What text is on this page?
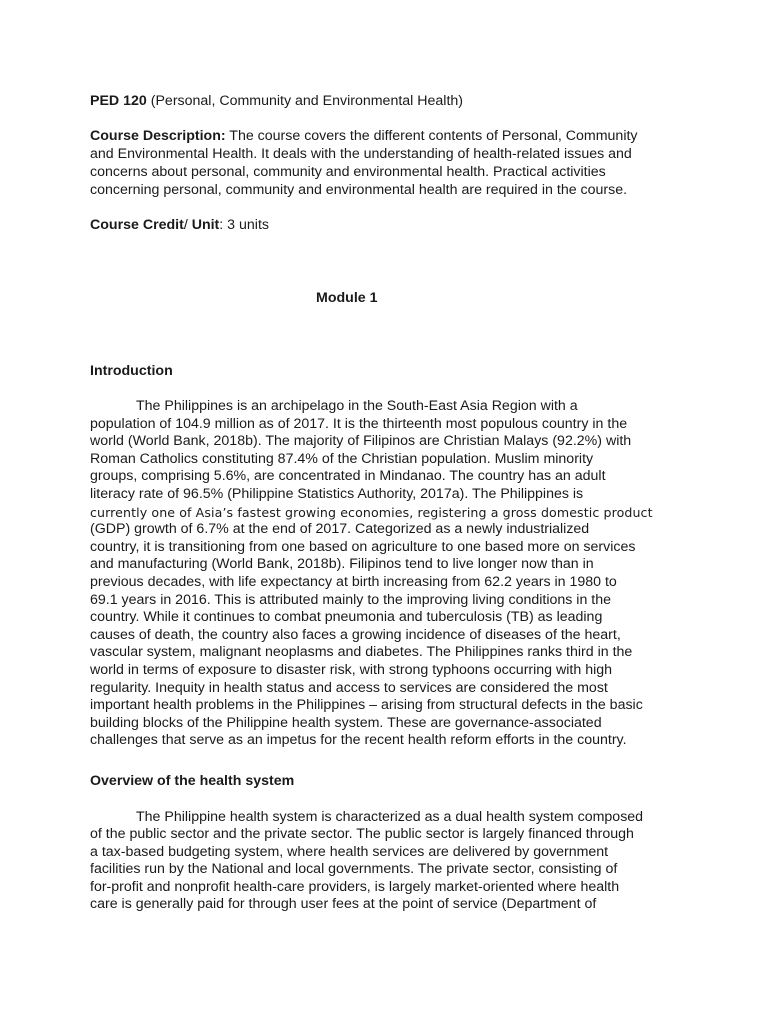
PED 120 (Personal, Community and Environmental Health)
Course Description: The course covers the different contents of Personal, Community
and Environmental Health. It deals with the understanding of health-related issues and
concerns about personal, community and environmental health. Practical activities
concerning personal, community and environmental health are required in the course.
Course Credit/ Unit: 3 units
Module 1
Introduction
The Philippines is an archipelago in the South-East Asia Region with a
population of 104.9 million as of 2017. It is the thirteenth most populous country in the
world (World Bank, 2018b). The majority of Filipinos are Christian Malays (92.2%) with
Roman Catholics constituting 87.4% of the Christian population. Muslim minority
groups, comprising 5.6%, are concentrated in Mindanao. The country has an adult
literacy rate of 96.5% (Philippine Statistics Authority, 2017a). The Philippines is
currently one of Asia’s fastest growing economies, registering a gross domestic product
(GDP) growth of 6.7% at the end of 2017. Categorized as a newly industrialized
country, it is transitioning from one based on agriculture to one based more on services
and manufacturing (World Bank, 2018b). Filipinos tend to live longer now than in
previous decades, with life expectancy at birth increasing from 62.2 years in 1980 to
69.1 years in 2016. This is attributed mainly to the improving living conditions in the
country. While it continues to combat pneumonia and tuberculosis (TB) as leading
causes of death, the country also faces a growing incidence of diseases of the heart,
vascular system, malignant neoplasms and diabetes. The Philippines ranks third in the
world in terms of exposure to disaster risk, with strong typhoons occurring with high
regularity. Inequity in health status and access to services are considered the most
important health problems in the Philippines – arising from structural defects in the basic
building blocks of the Philippine health system. These are governance-associated
challenges that serve as an impetus for the recent health reform efforts in the country.
Overview of the health system
The Philippine health system is characterized as a dual health system composed
of the public sector and the private sector. The public sector is largely financed through
a tax-based budgeting system, where health services are delivered by government
facilities run by the National and local governments. The private sector, consisting of
for-profit and nonprofit health-care providers, is largely market-oriented where health
care is generally paid for through user fees at the point of service (Department of
